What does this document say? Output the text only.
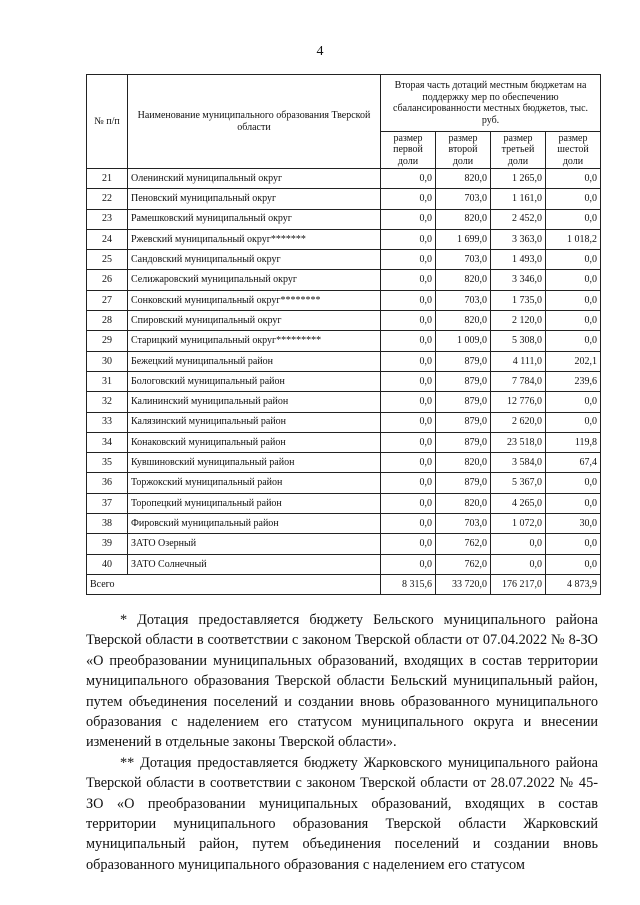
4
№ п/п	Наименование муниципального образования Тверской области	Вторая часть дотаций местным бюджетам на поддержку мер по обеспечению сбалансированности местных бюджетов, тыс. руб.			
		размер первой доли	размер второй доли	размер третьей доли	размер шестой доли
21	Оленинский муниципальный округ	0,0	820,0	1 265,0	0,0
22	Пеновский муниципальный округ	0,0	703,0	1 161,0	0,0
23	Рамешковский муниципальный округ	0,0	820,0	2 452,0	0,0
24	Ржевский муниципальный округ*******	0,0	1 699,0	3 363,0	1 018,2
25	Сандовский муниципальный округ	0,0	703,0	1 493,0	0,0
26	Селижаровский муниципальный округ	0,0	820,0	3 346,0	0,0
27	Сонковский муниципальный округ********	0,0	703,0	1 735,0	0,0
28	Спировский муниципальный округ	0,0	820,0	2 120,0	0,0
29	Старицкий муниципальный округ*********	0,0	1 009,0	5 308,0	0,0
30	Бежецкий муниципальный район	0,0	879,0	4 111,0	202,1
31	Бологовский муниципальный район	0,0	879,0	7 784,0	239,6
32	Калининский муниципальный район	0,0	879,0	12 776,0	0,0
33	Калязинский муниципальный район	0,0	879,0	2 620,0	0,0
34	Конаковский муниципальный район	0,0	879,0	23 518,0	119,8
35	Кувшиновский муниципальный район	0,0	820,0	3 584,0	67,4
36	Торжокский муниципальный район	0,0	879,0	5 367,0	0,0
37	Торопецкий муниципальный район	0,0	820,0	4 265,0	0,0
38	Фировский муниципальный район	0,0	703,0	1 072,0	30,0
39	ЗАТО Озерный	0,0	762,0	0,0	0,0
40	ЗАТО Солнечный	0,0	762,0	0,0	0,0
Всего		8 315,6	33 720,0	176 217,0	4 873,9

* Дотация предоставляется бюджету Бельского муниципального района Тверской области в соответствии с законом Тверской области от 07.04.2022 № 8-ЗО «О преобразовании муниципальных образований, входящих в состав территории муниципального образования Тверской области Бельский муниципальный район, путем объединения поселений и создании вновь образованного муниципального образования с наделением его статусом муниципального округа и внесении изменений в отдельные законы Тверской области».

** Дотация предоставляется бюджету Жарковского муниципального района Тверской области в соответствии с законом Тверской области от 28.07.2022 № 45-ЗО «О преобразовании муниципальных образований, входящих в состав территории муниципального образования Тверской области Жарковский муниципальный район, путем объединения поселений и создании вновь образованного муниципального образования с наделением его статусом
